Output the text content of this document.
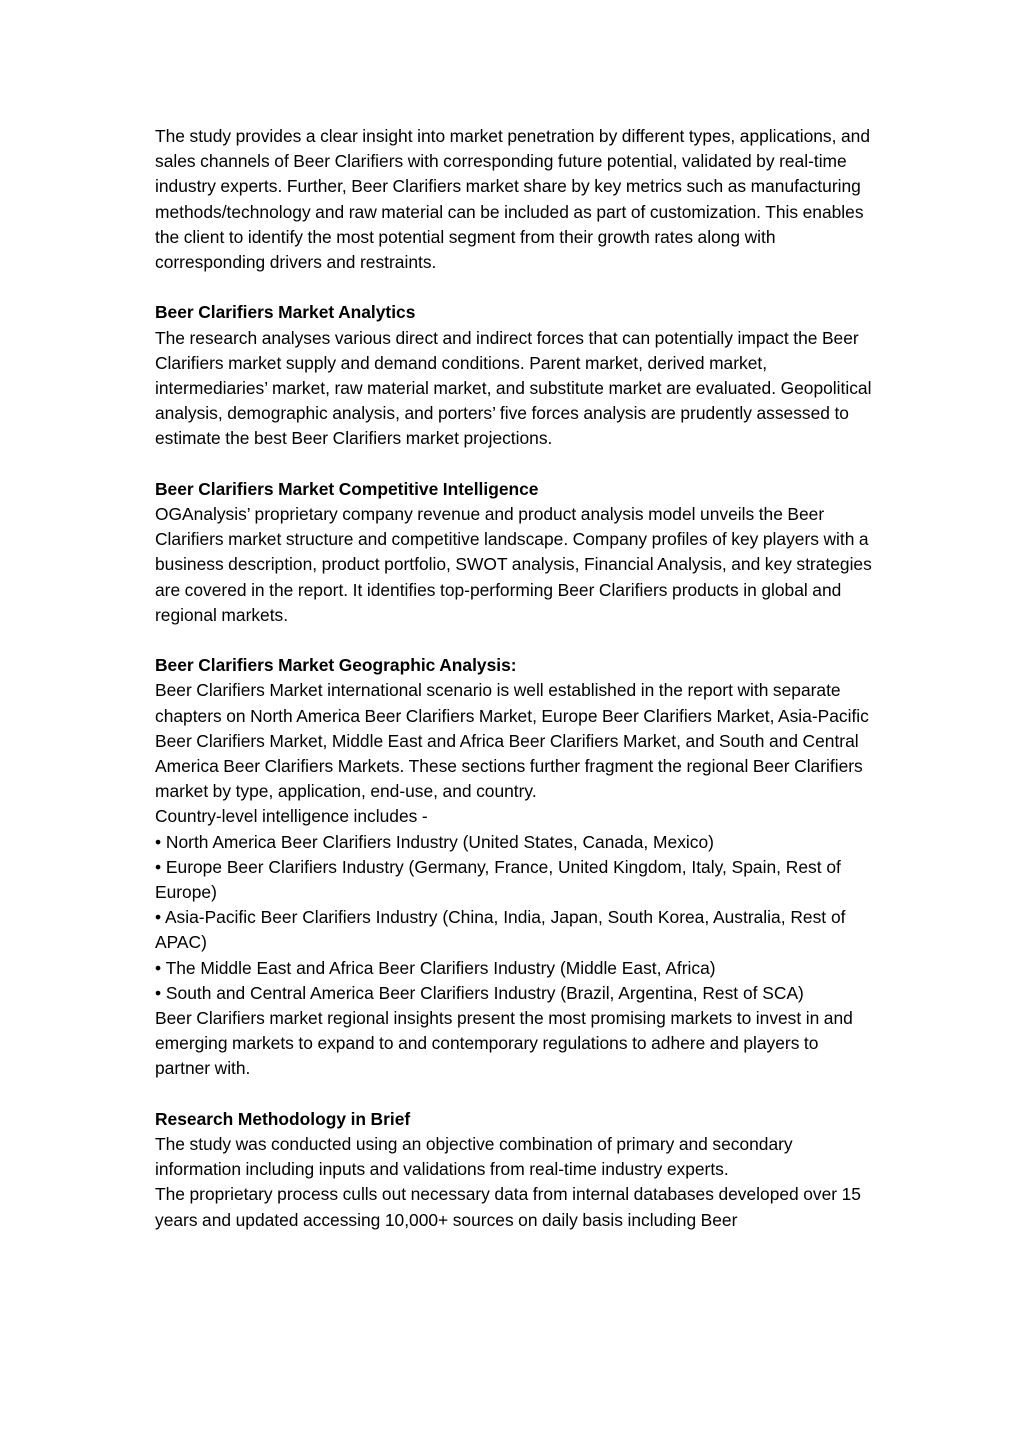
The study provides a clear insight into market penetration by different types, applications, and sales channels of Beer Clarifiers with corresponding future potential, validated by real-time industry experts. Further, Beer Clarifiers market share by key metrics such as manufacturing methods/technology and raw material can be included as part of customization. This enables the client to identify the most potential segment from their growth rates along with corresponding drivers and restraints.

Beer Clarifiers Market Analytics

The research analyses various direct and indirect forces that can potentially impact the Beer Clarifiers market supply and demand conditions. Parent market, derived market, intermediaries’ market, raw material market, and substitute market are evaluated. Geopolitical analysis, demographic analysis, and porters’ five forces analysis are prudently assessed to estimate the best Beer Clarifiers market projections.

Beer Clarifiers Market Competitive Intelligence

OGAnalysis’ proprietary company revenue and product analysis model unveils the Beer Clarifiers market structure and competitive landscape. Company profiles of key players with a business description, product portfolio, SWOT analysis, Financial Analysis, and key strategies are covered in the report. It identifies top-performing Beer Clarifiers products in global and regional markets.

Beer Clarifiers Market Geographic Analysis:

Beer Clarifiers Market international scenario is well established in the report with separate chapters on North America Beer Clarifiers Market, Europe Beer Clarifiers Market, Asia-Pacific Beer Clarifiers Market, Middle East and Africa Beer Clarifiers Market, and South and Central America Beer Clarifiers Markets. These sections further fragment the regional Beer Clarifiers market by type, application, end-use, and country.

Country-level intelligence includes -

• North America Beer Clarifiers Industry (United States, Canada, Mexico)
• Europe Beer Clarifiers Industry (Germany, France, United Kingdom, Italy, Spain, Rest of Europe)
• Asia-Pacific Beer Clarifiers Industry (China, India, Japan, South Korea, Australia, Rest of APAC)
• The Middle East and Africa Beer Clarifiers Industry (Middle East, Africa)
• South and Central America Beer Clarifiers Industry (Brazil, Argentina, Rest of SCA)

Beer Clarifiers market regional insights present the most promising markets to invest in and emerging markets to expand to and contemporary regulations to adhere and players to partner with.

Research Methodology in Brief

The study was conducted using an objective combination of primary and secondary information including inputs and validations from real-time industry experts.

The proprietary process culls out necessary data from internal databases developed over 15 years and updated accessing 10,000+ sources on daily basis including Beer
